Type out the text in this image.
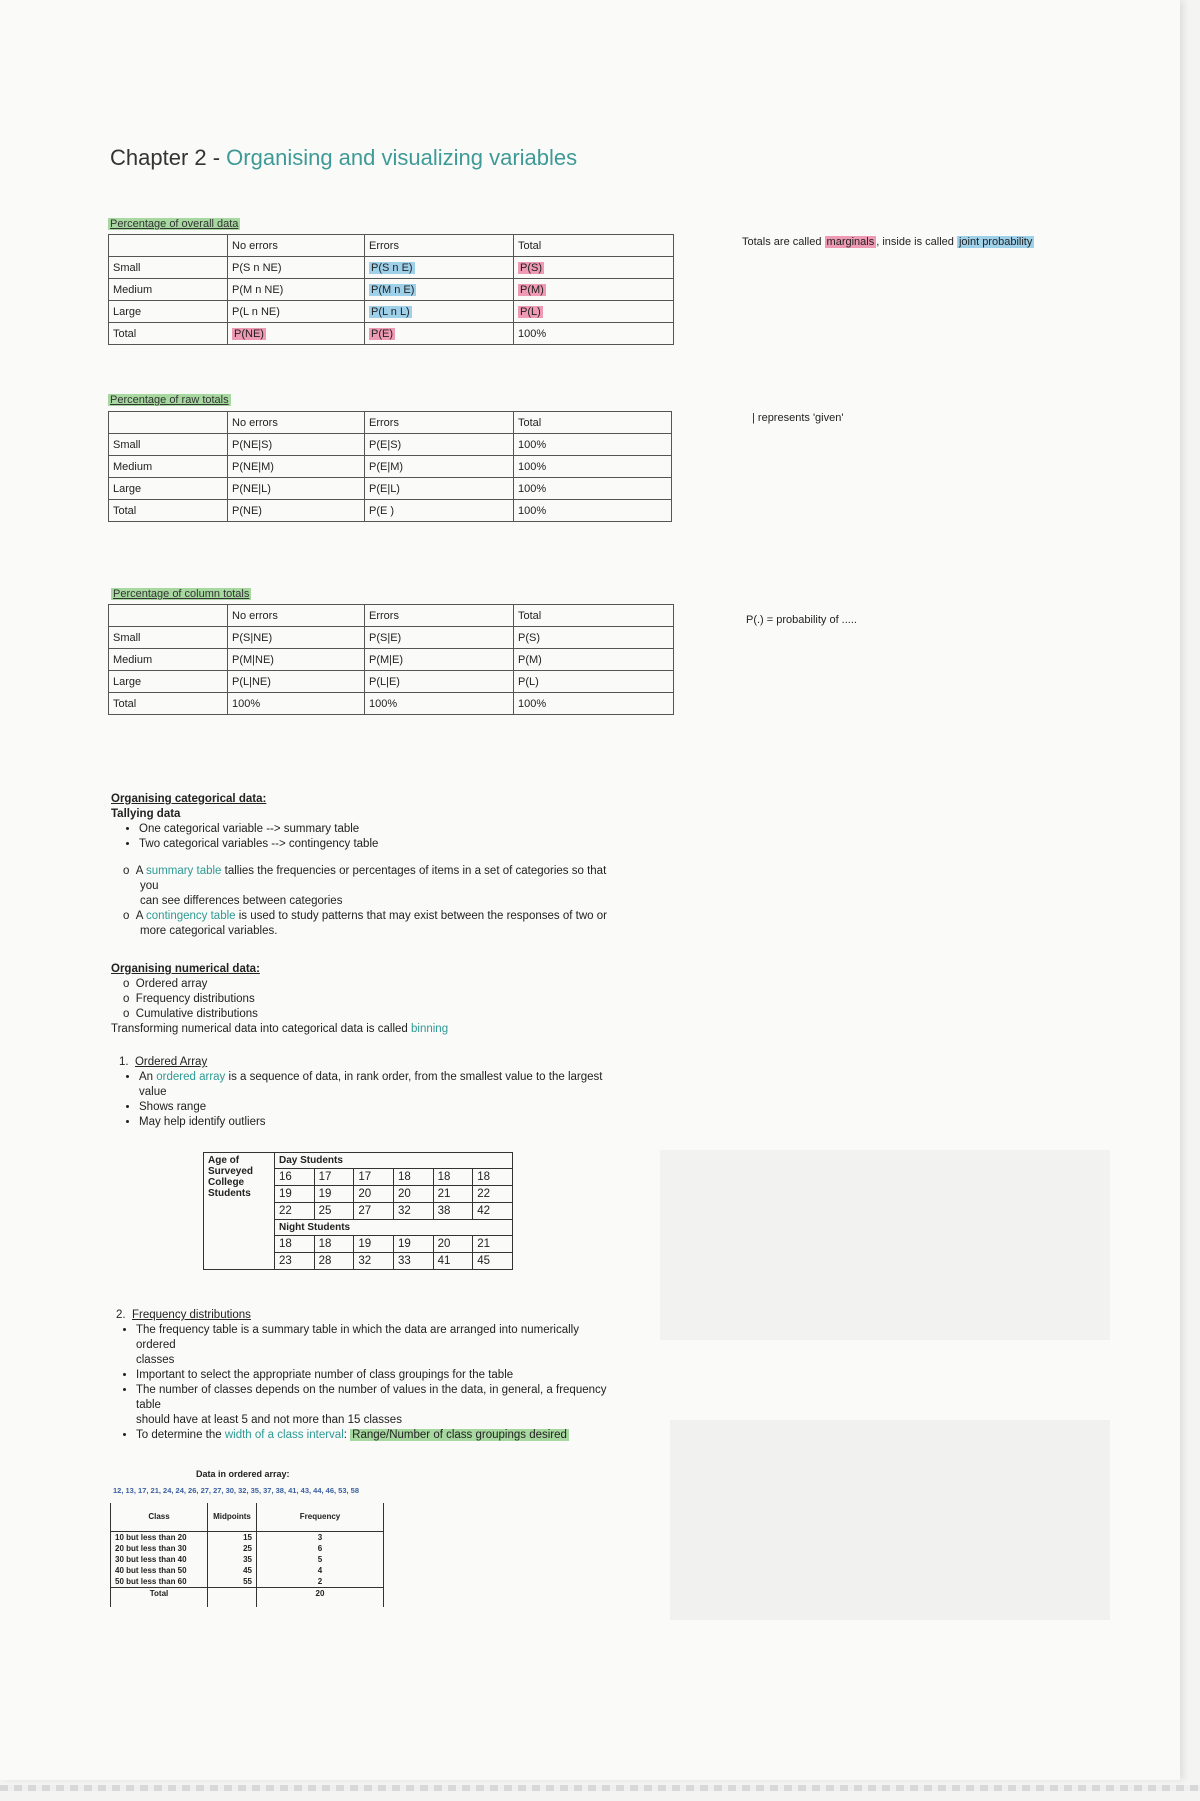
Chapter 2 - Organising and visualizing variables
Percentage of overall data
	No errors	Errors	Total
Small	P(S n NE)	P(S n E)	P(S)
Medium	P(M n NE)	P(M n E)	P(M)
Large	P(L n NE)	P(L n L)	P(L)
Total	P(NE)	P(E)	100%
Percentage of raw totals
	No errors	Errors	Total
Small	P(NE|S)	P(E|S)	100%
Medium	P(NE|M)	P(E|M)	100%
Large	P(NE|L)	P(E|L)	100%
Total	P(NE)	P(E )	100%
Percentage of column totals
	No errors	Errors	Total
Small	P(S|NE)	P(S|E)	P(S)
Medium	P(M|NE)	P(M|E)	P(M)
Large	P(L|NE)	P(L|E)	P(L)
Total	100%	100%	100%
Totals are called marginals , inside is called joint probability
| represents 'given'
P(.) = probability of .....
Organising categorical data:
Tallying data
• One categorical variable --> summary table
• Two categorical variables --> contingency table
o  A summary table tallies the frequencies or percentages of items in a set of categories so that
you
can see differences between categories
o  A contingency table is used to study patterns that may exist between the responses of two or
more categorical variables.
Organising numerical data:
o  Ordered array
o  Frequency distributions
o  Cumulative distributions
Transforming numerical data into categorical data is called binning
1.  Ordered Array
• An ordered array is a sequence of data, in rank order, from the smallest value to the largest
value
• Shows range
• May help identify outliers
Age of Surveyed College Students	Day Students					
	16	17	17	18	18	18
	19	19	20	20	21	22
	22	25	27	32	38	42
	Night Students					
	18	18	19	19	20	21
	23	28	32	33	41	45
2.  Frequency distributions
• The frequency table is a summary table in which the data are arranged into numerically
ordered
classes
• Important to select the appropriate number of class groupings for the table
• The number of classes depends on the number of values in the data, in general, a frequency
table
should have at least 5 and not more than 15 classes
• To determine the width of a class interval: Range/Number of class groupings desired
Data in ordered array:
12, 13, 17, 21, 24, 24, 26, 27, 27, 30, 32, 35, 37, 38, 41, 43, 44, 46, 53, 58
Class	Midpoints	Frequency
10 but less than 20	15	3
20 but less than 30	25	6
30 but less than 40	35	5
40 but less than 50	45	4
50 but less than 60	55	2
Total		20
